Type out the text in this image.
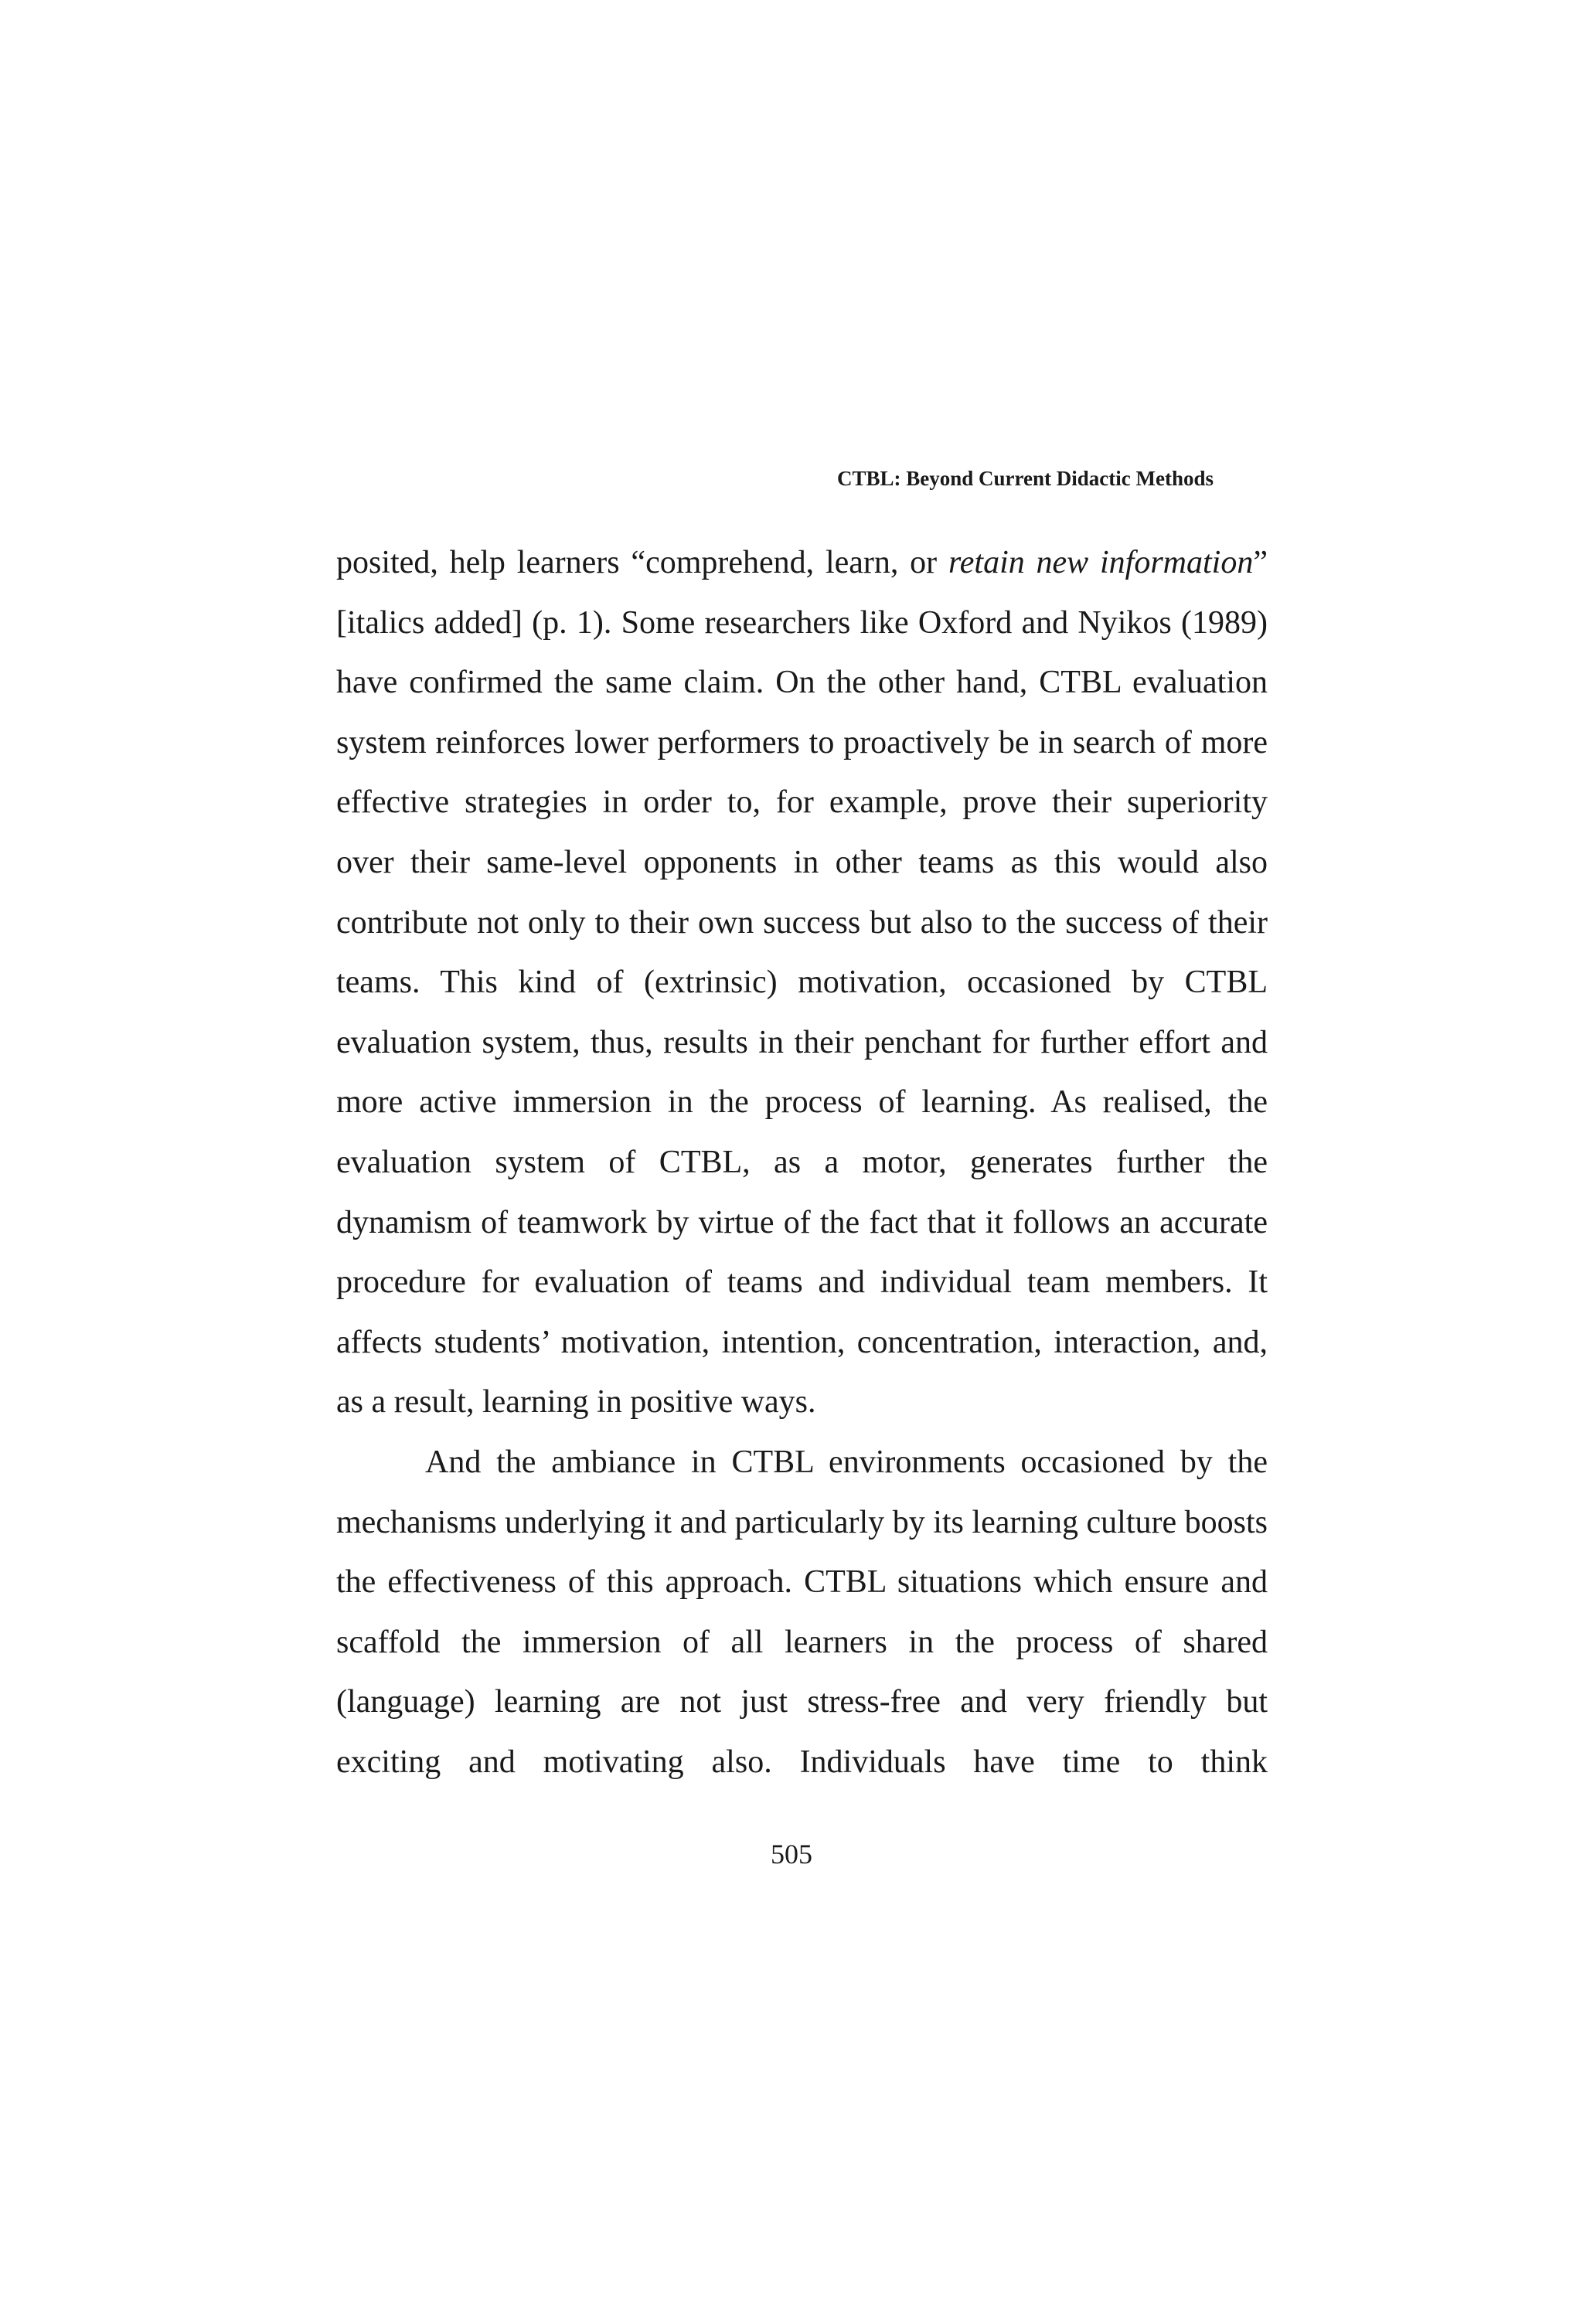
CTBL: Beyond Current Didactic Methods

posited, help learners “comprehend, learn, or retain new information” [italics added] (p. 1). Some researchers like Oxford and Nyikos (1989) have confirmed the same claim. On the other hand, CTBL evaluation system reinforces lower performers to proactively be in search of more effective strategies in order to, for example, prove their superiority over their same-level opponents in other teams as this would also contribute not only to their own success but also to the success of their teams. This kind of (extrinsic) motivation, occasioned by CTBL evaluation system, thus, results in their penchant for further effort and more active immersion in the process of learning. As realised, the evaluation system of CTBL, as a motor, generates further the dynamism of teamwork by virtue of the fact that it follows an accurate procedure for evaluation of teams and individual team members. It affects students’ motivation, intention, concentration, interaction, and, as a result, learning in positive ways.

And the ambiance in CTBL environments occasioned by the mechanisms underlying it and particularly by its learning culture boosts the effectiveness of this approach. CTBL situations which ensure and scaffold the immersion of all learners in the process of shared (language) learning are not just stress-free and very friendly but exciting and motivating also. Individuals have time to think

505
